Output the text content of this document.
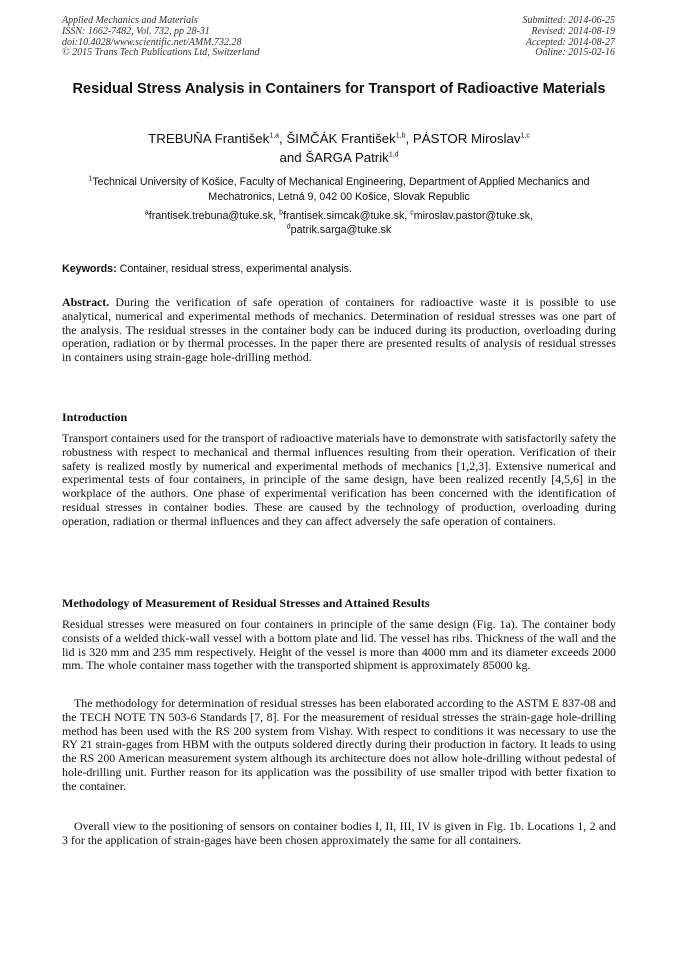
Applied Mechanics and Materials
ISSN: 1662-7482, Vol. 732, pp 28-31
doi:10.4028/www.scientific.net/AMM.732.28
© 2015 Trans Tech Publications Ltd, Switzerland
Submitted: 2014-06-25
Revised: 2014-08-19
Accepted: 2014-08-27
Online: 2015-02-16
Residual Stress Analysis in Containers for Transport of Radioactive Materials
TREBUŇA František$^{1,a}$, ŠIMČÁK František$^{1,b}$, PÁSTOR Miroslav$^{1,c}$
and ŠARGA Patrik$^{1,d}$
$^1$Technical University of Košice, Faculty of Mechanical Engineering, Department of Applied Mechanics and Mechatronics, Letná 9, 042 00 Košice, Slovak Republic
$^a$frantisek.trebuna@tuke.sk, $^b$frantisek.simcak@tuke.sk, $^c$miroslav.pastor@tuke.sk,
$^d$patrik.sarga@tuke.sk
Keywords: Container, residual stress, experimental analysis.
Abstract. During the verification of safe operation of containers for radioactive waste it is possible to use analytical, numerical and experimental methods of mechanics. Determination of residual stresses was one part of the analysis. The residual stresses in the container body can be induced during its production, overloading during operation, radiation or by thermal processes. In the paper there are presented results of analysis of residual stresses in containers using strain-gage hole-drilling method.
Introduction
Transport containers used for the transport of radioactive materials have to demonstrate with satisfactorily safety the robustness with respect to mechanical and thermal influences resulting from their operation. Verification of their safety is realized mostly by numerical and experimental methods of mechanics [1,2,3]. Extensive numerical and experimental tests of four containers, in principle of the same design, have been realized recently [4,5,6] in the workplace of the authors. One phase of experimental verification has been concerned with the identification of residual stresses in container bodies. These are caused by the technology of production, overloading during operation, radiation or thermal influences and they can affect adversely the safe operation of containers.
Methodology of Measurement of Residual Stresses and Attained Results
Residual stresses were measured on four containers in principle of the same design (Fig. 1a). The container body consists of a welded thick-wall vessel with a bottom plate and lid. The vessel has ribs. Thickness of the wall and the lid is 320 mm and 235 mm respectively. Height of the vessel is more than 4000 mm and its diameter exceeds 2000 mm. The whole container mass together with the transported shipment is approximately 85000 kg.
The methodology for determination of residual stresses has been elaborated according to the ASTM E 837-08 and the TECH NOTE TN 503-6 Standards [7, 8]. For the measurement of residual stresses the strain-gage hole-drilling method has been used with the RS 200 system from Vishay. With respect to conditions it was necessary to use the RY 21 strain-gages from HBM with the outputs soldered directly during their production in factory. It leads to using the RS 200 American measurement system although its architecture does not allow hole-drilling without pedestal of hole-drilling unit. Further reason for its application was the possibility of use smaller tripod with better fixation to the container.
Overall view to the positioning of sensors on container bodies I, II, III, IV is given in Fig. 1b. Locations 1, 2 and 3 for the application of strain-gages have been chosen approximately the same for all containers.
